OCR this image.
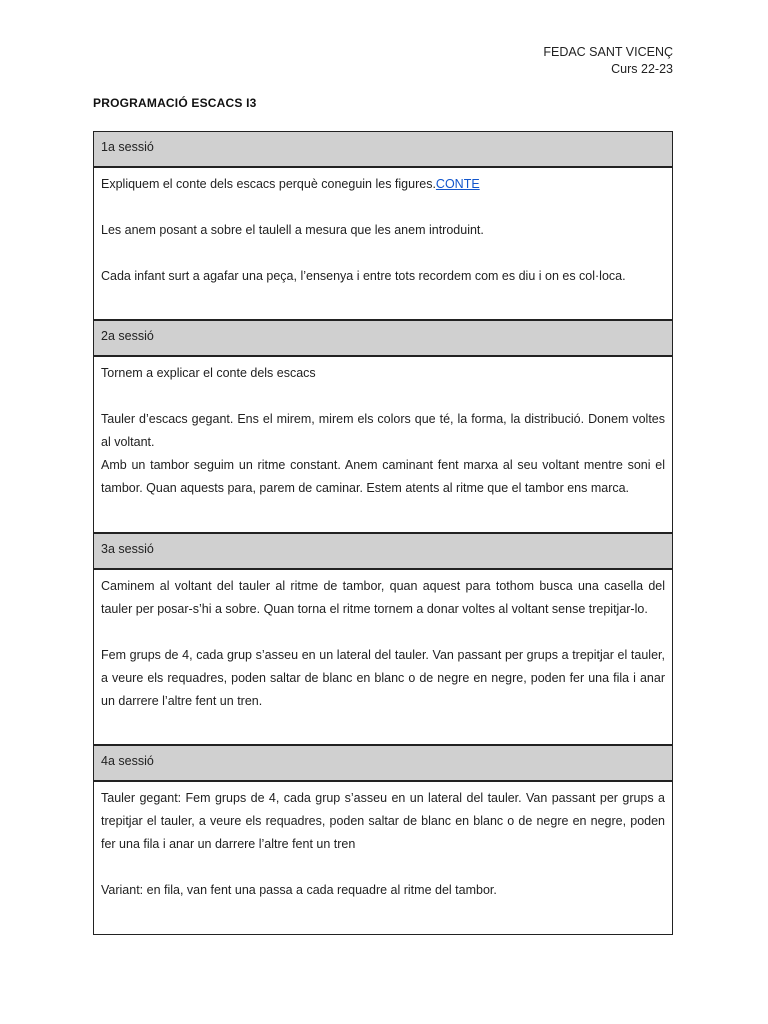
FEDAC SANT VICENÇ
Curs 22-23
PROGRAMACIÓ ESCACS I3
1a sessió

Expliquem el conte dels escacs perquè coneguin les figures.CONTE

Les anem posant a sobre el taulell a mesura que les anem introduint.

Cada infant surt a agafar una peça, l’ensenya i entre tots recordem com es diu i on es col·loca.

2a sessió

Tornem a explicar el conte dels escacs

Tauler d’escacs gegant. Ens el mirem, mirem els colors que té, la forma, la distribució. Donem voltes al voltant.

Amb un tambor seguim un ritme constant. Anem caminant fent marxa al seu voltant mentre soni el tambor. Quan aquests para, parem de caminar. Estem atents al ritme que el tambor ens marca.

3a sessió

Caminem al voltant del tauler al ritme de tambor, quan aquest para tothom busca una casella del tauler per posar-s’hi a sobre. Quan torna el ritme tornem a donar voltes al voltant sense trepitjar-lo.

Fem grups de 4, cada grup s’asseu en un lateral del tauler. Van passant per grups a trepitjar el tauler, a veure els requadres, poden saltar de blanc en blanc o de negre en negre, poden fer una fila i anar un darrere l’altre fent un tren.

4a sessió

Tauler gegant: Fem grups de 4, cada grup s’asseu en un lateral del tauler. Van passant per grups a trepitjar el tauler, a veure els requadres, poden saltar de blanc en blanc o de negre en negre, poden fer una fila i anar un darrere l’altre fent un tren

Variant: en fila, van fent una passa a cada requadre al ritme del tambor.
